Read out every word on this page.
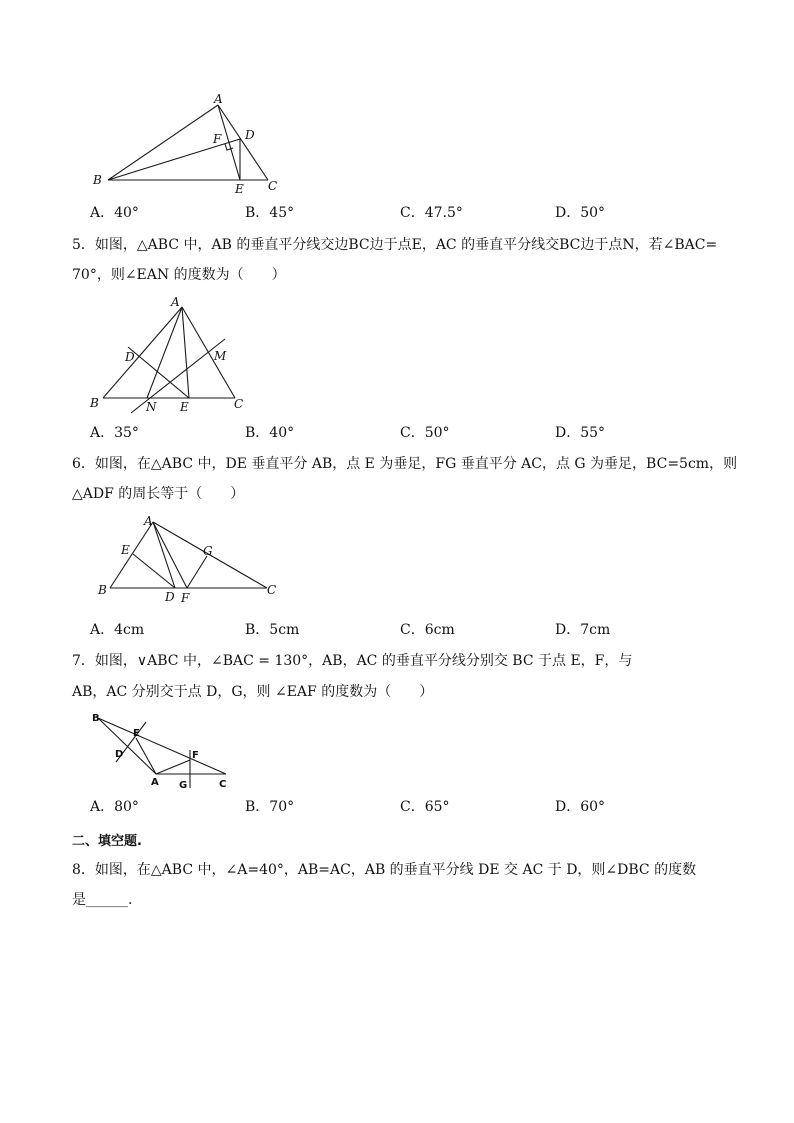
A
B	C
D
E
F
A．40°	B．45°	C．47.5°	D．50°
5．如图，△ABC 中，AB 的垂直平分线交边BC边于点E，AC 的垂直平分线交BC边于点N，若∠BAC=
70°，则∠EAN 的度数为（　　）
A
B	C
D
E
M
N
A．35°	B．40°	C．50°	D．55°
6．如图，在△ABC 中，DE 垂直平分 AB，点 E 为垂足，FG 垂直平分 AC，点 G 为垂足，BC=5cm，则
△ADF 的周长等于（　　）
A
B	C
D
E
F
G
A．4cm	B．5cm	C．6cm	D．7cm
7．如图，∨ABC 中，∠BAC = 130°，AB，AC 的垂直平分线分别交 BC 于点 E，F，与
AB，AC 分别交于点 D，G，则 ∠EAF 的度数为（　　）
A
B
C
D
E
F
G
A．80°	B．70°	C．65°	D．60°
二、填空题.
8．如图，在△ABC 中，∠A=40°，AB=AC，AB 的垂直平分线 DE 交 AC 于 D，则∠DBC 的度数
是______.
